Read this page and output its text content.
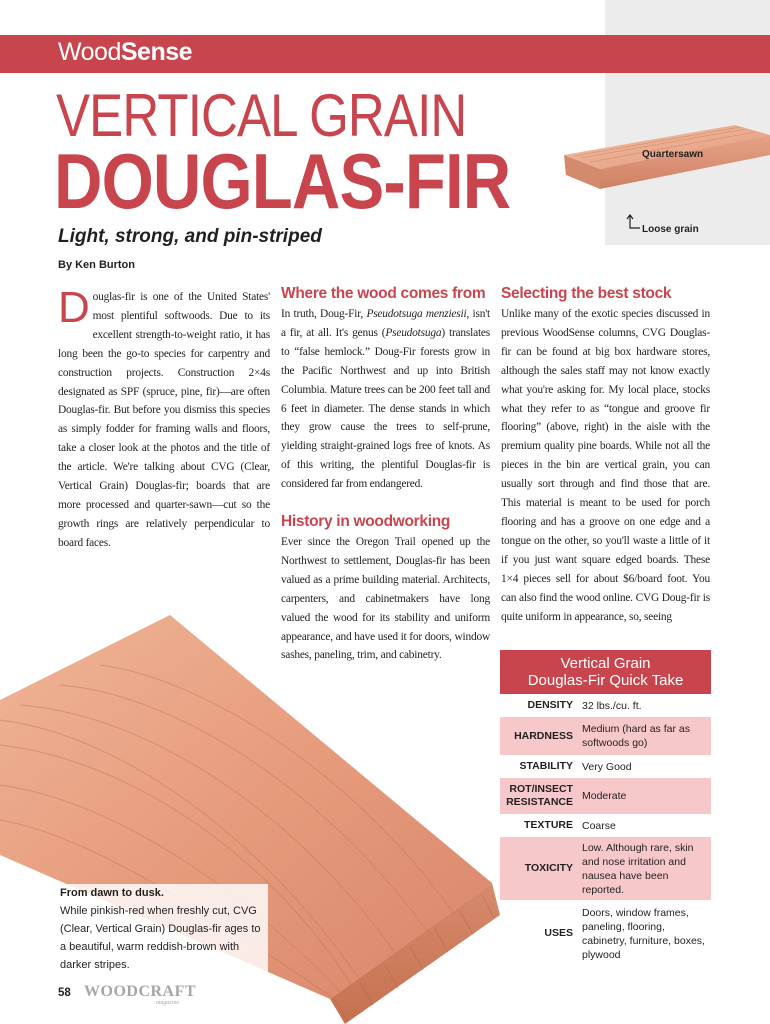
WoodSense
VERTICAL GRAIN
DOUGLAS-FIR	Quartersawn
Loose grain
Light, strong, and pin-striped
By Ken Burton
Douglas-fir is one of the United States' most plentiful softwoods. Due to its excellent strength-to-weight ratio, it has long been the go-to species for carpentry and construction projects. Construction 2×4s designated as SPF (spruce, pine, fir)—are often Douglas-fir. But before you dismiss this species as simply fodder for framing walls and floors, take a closer look at the photos and the title of the article. We're talking about CVG (Clear, Vertical Grain) Douglas-fir; boards that are more processed and quarter-sawn—cut so the growth rings are relatively perpendicular to board faces.
Where the wood comes from
In truth, Doug-Fir, Pseudotsuga menziesii, isn't a fir, at all. It's genus (Pseudotsuga) translates to “false hemlock.” Doug-Fir forests grow in the Pacific Northwest and up into British Columbia. Mature trees can be 200 feet tall and 6 feet in diameter. The dense stands in which they grow cause the trees to self-prune, yielding straight-grained logs free of knots. As of this writing, the plentiful Douglas-fir is considered far from endangered.
History in woodworking
Ever since the Oregon Trail opened up the Northwest to settlement, Douglas-fir has been valued as a prime building material. Architects, carpenters, and cabinetmakers have long valued the wood for its stability and uniform appearance, and have used it for doors, window sashes, paneling, trim, and cabinetry.
Selecting the best stock
Unlike many of the exotic species discussed in previous WoodSense columns, CVG Douglas-fir can be found at big box hardware stores, although the sales staff may not know exactly what you're asking for. My local place, stocks what they refer to as “tongue and groove fir flooring” (above, right) in the aisle with the premium quality pine boards. While not all the pieces in the bin are vertical grain, you can usually sort through and find those that are. This material is meant to be used for porch flooring and has a groove on one edge and a tongue on the other, so you'll waste a little of it if you just want square edged boards. These 1×4 pieces sell for about $6/board foot. You can also find the wood online. CVG Doug-fir is quite uniform in appearance, so, seeing
Vertical Grain
Douglas-Fir Quick Take
DENSITY 32 lbs./cu. ft.
HARDNESS
Medium (hard as far as softwoods go)
STABILITY Very Good
ROT/INSECT RESISTANCE Moderate
TEXTURE Coarse
TOXICITY
Low. Although rare, skin and nose irritation and nausea have been reported.
USES
Doors, window frames, paneling, flooring, cabinetry, furniture, boxes, plywood
From dawn to dusk.
While pinkish-red when freshly cut, CVG (Clear, Vertical Grain) Douglas-fir ages to a beautiful, warm reddish-brown with darker stripes.
58 WOODCRAFT
magazine
